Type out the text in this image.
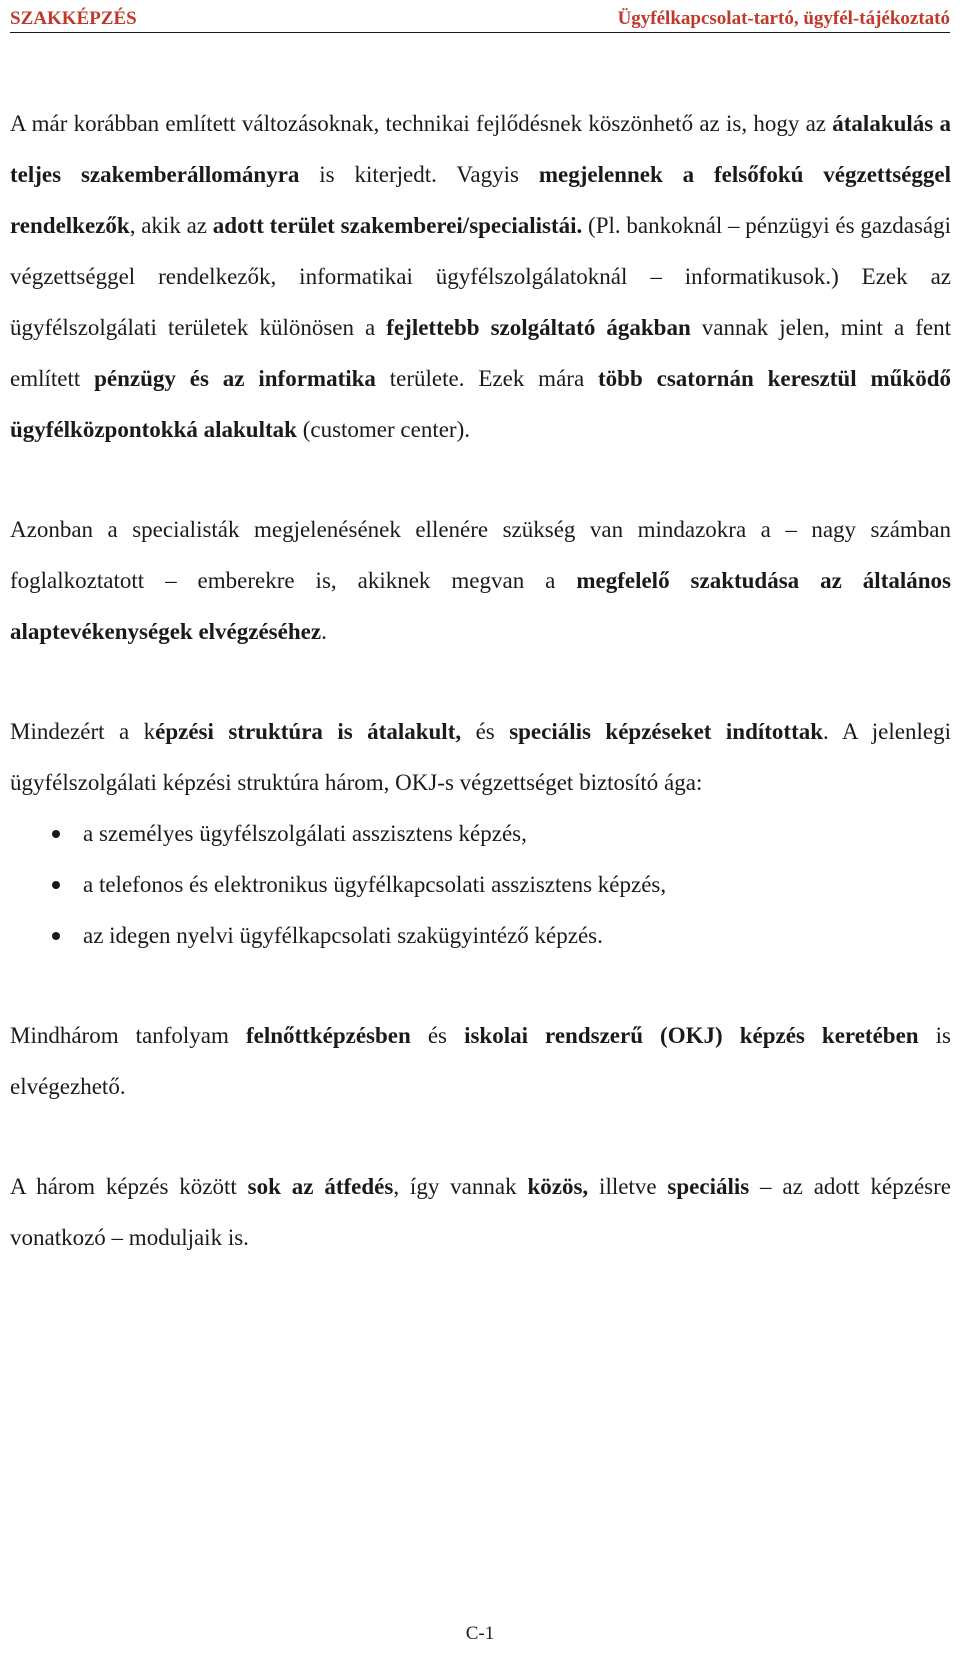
SZAKKÉPZÉS	Ügyfélkapcsolat-tartó, ügyfél-tájékoztató

A már korábban említett változásoknak, technikai fejlődésnek köszönhető az is, hogy az átalakulás a teljes szakemberállományra is kiterjedt. Vagyis megjelennek a felsőfokú végzettséggel rendelkezők, akik az adott terület szakemberei/specialistái. (Pl. bankoknál – pénzügyi és gazdasági végzettséggel rendelkezők, informatikai ügyfélszolgálatoknál – informatikusok.) Ezek az ügyfélszolgálati területek különösen a fejlettebb szolgáltató ágakban vannak jelen, mint a fent említett pénzügy és az informatika területe. Ezek mára több csatornán keresztül működő ügyfélközpontokká alakultak (customer center).

Azonban a specialisták megjelenésének ellenére szükség van mindazokra a – nagy számban foglalkoztatott – emberekre is, akiknek megvan a megfelelő szaktudása az általános alaptevékenységek elvégzéséhez.

Mindezért a képzési struktúra is átalakult, és speciális képzéseket indítottak. A jelenlegi ügyfélszolgálati képzési struktúra három, OKJ-s végzettséget biztosító ága:

a személyes ügyfélszolgálati asszisztens képzés,
a telefonos és elektronikus ügyfélkapcsolati asszisztens képzés,
az idegen nyelvi ügyfélkapcsolati szakügyintéző képzés.

Mindhárom tanfolyam felnőttképzésben és iskolai rendszerű (OKJ) képzés keretében is elvégezhető.

A három képzés között sok az átfedés, így vannak közös, illetve speciális – az adott képzésre vonatkozó – moduljaik is.

C-1
